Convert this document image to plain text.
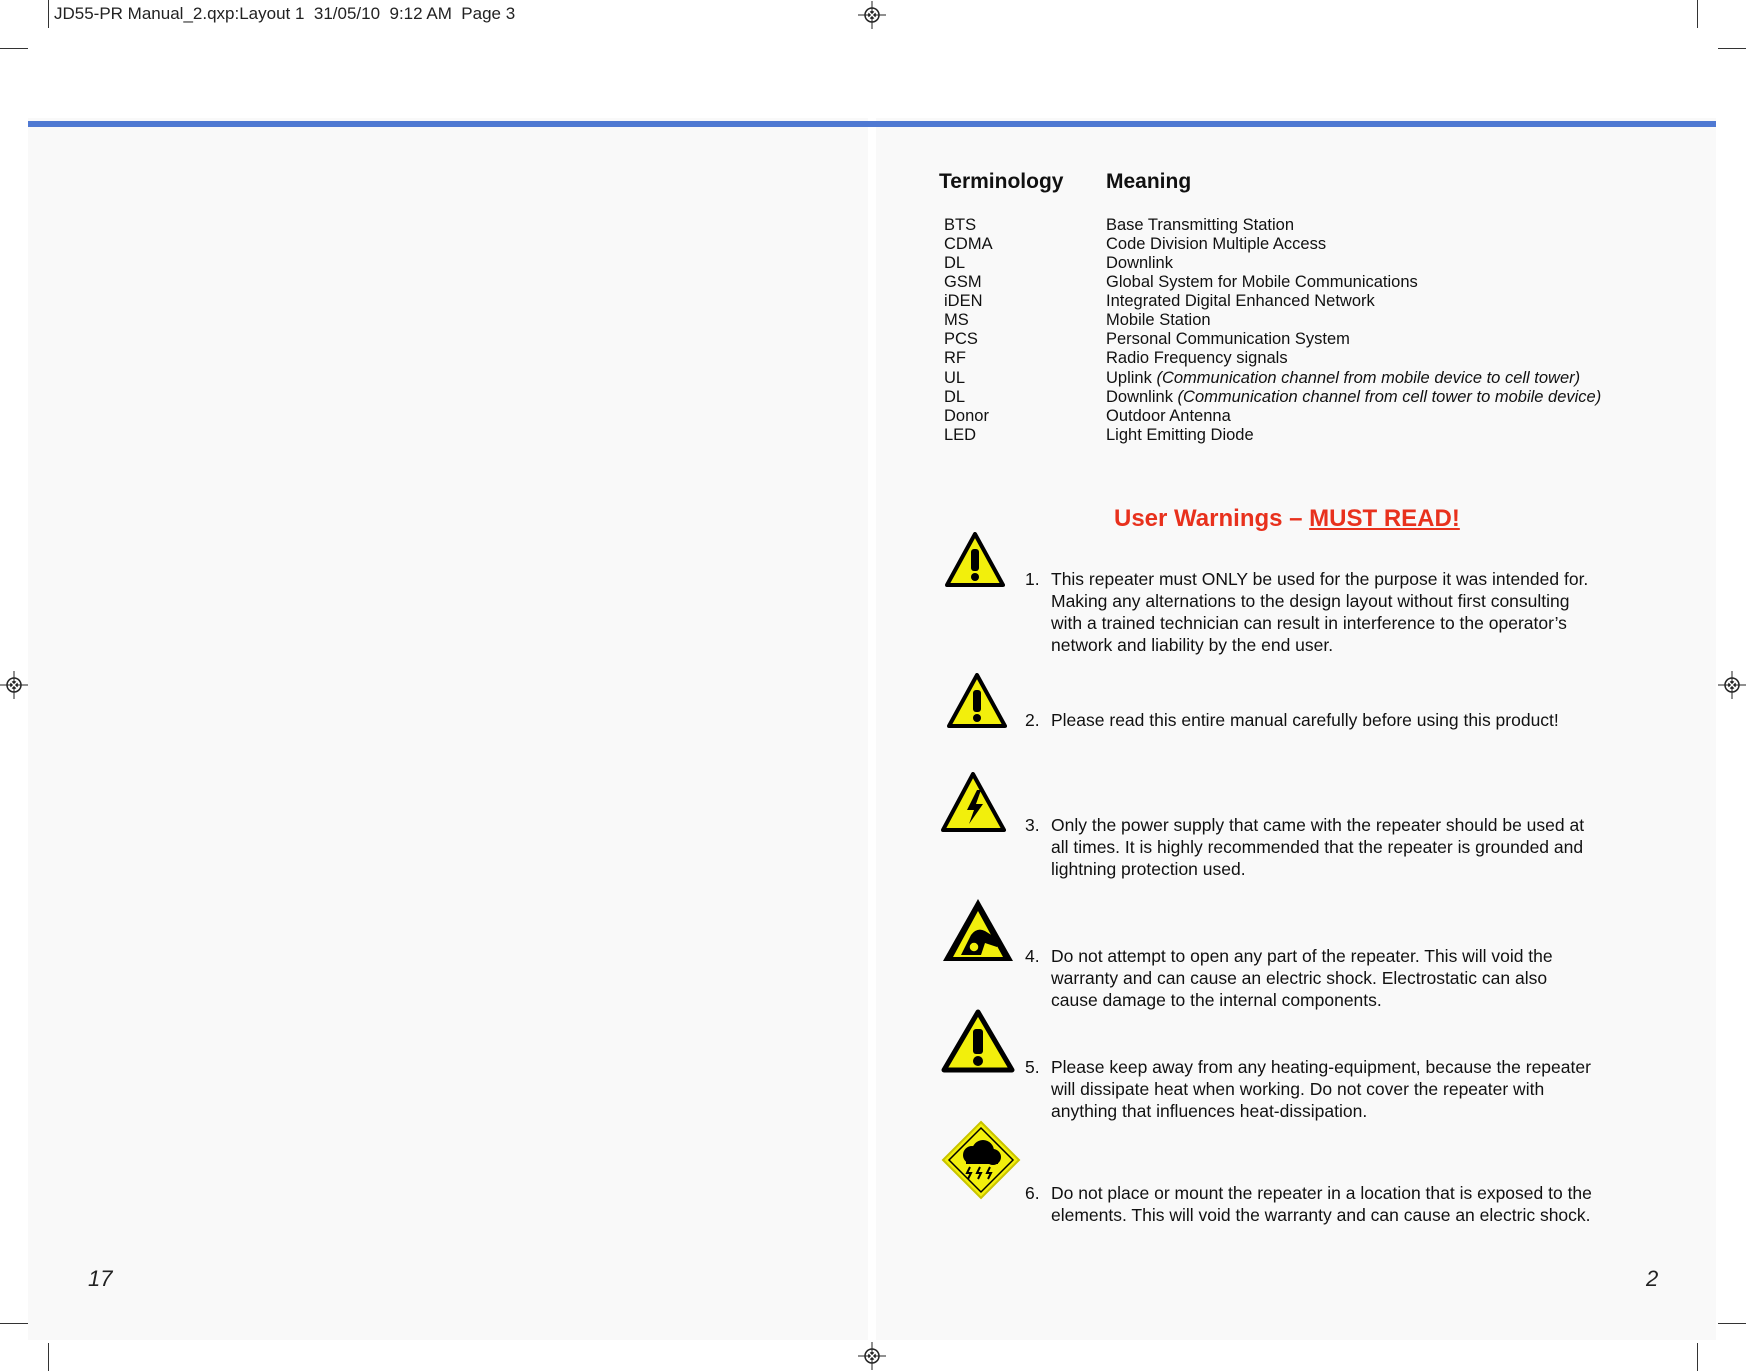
JD55-PR Manual_2.qxp:Layout 1  31/05/10  9:12 AM  Page 3
Terminology Meaning
BTS	Base Transmitting Station
CDMA	Code Division Multiple Access
DL	Downlink
GSM	Global System for Mobile Communications
iDEN	Integrated Digital Enhanced Network
MS	Mobile Station
PCS	Personal Communication System
RF	Radio Frequency signals
UL	Uplink (Communication channel from mobile device to cell tower)
DL	Downlink (Communication channel from cell tower to mobile device)
Donor	Outdoor Antenna
LED	Light Emitting Diode
User Warnings – MUST READ!
1. This repeater must ONLY be used for the purpose it was intended for. Making any alternations to the design layout without first consulting with a trained technician can result in interference to the operator’s network and liability by the end user.
2. Please read this entire manual carefully before using this product!
3. Only the power supply that came with the repeater should be used at all times. It is highly recommended that the repeater is grounded and lightning protection used.
4. Do not attempt to open any part of the repeater. This will void the warranty and can cause an electric shock. Electrostatic can also cause damage to the internal components.
5. Please keep away from any heating-equipment, because the repeater will dissipate heat when working. Do not cover the repeater with anything that influences heat-dissipation.
6. Do not place or mount the repeater in a location that is exposed to the elements. This will void the warranty and can cause an electric shock.
17	2
